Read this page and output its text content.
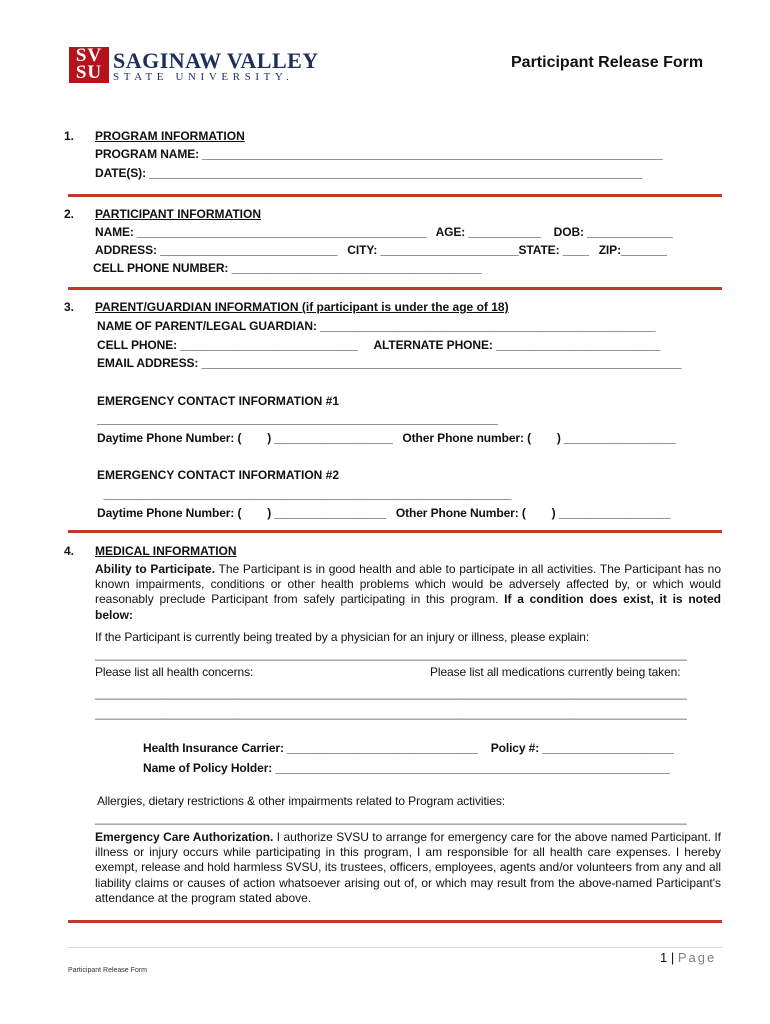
SV
SU SAGINAW VALLEY
STATE UNIVERSITY.
Participant Release Form
1. PROGRAM INFORMATION
PROGRAM NAME: ______________________________________________________________________
DATE(S): ___________________________________________________________________________
2. PARTICIPANT INFORMATION
NAME: ____________________________________________   AGE: ___________    DOB: _____________
ADDRESS: ___________________________   CITY: _____________________STATE: ____   ZIP:_______
CELL PHONE NUMBER: ______________________________________
3. PARENT/GUARDIAN INFORMATION (if participant is under the age of 18)
NAME OF PARENT/LEGAL GUARDIAN: ___________________________________________________
CELL PHONE: ___________________________     ALTERNATE PHONE: _________________________
EMAIL ADDRESS: _________________________________________________________________________
EMERGENCY CONTACT INFORMATION #1
_____________________________________________________________
Daytime Phone Number: (        ) __________________   Other Phone number: (        ) _________________
EMERGENCY CONTACT INFORMATION #2
______________________________________________________________
Daytime Phone Number: (        ) _________________   Other Phone Number: (        ) _________________
4. MEDICAL INFORMATION
Ability to Participate. The Participant is in good health and able to participate in all activities. The Participant has no known impairments, conditions or other health problems which would be adversely affected by, or which would reasonably preclude Participant from safely participating in this program. If a condition does exist, it is noted below:
If the Participant is currently being treated by a physician for an injury or illness, please explain:
__________________________________________________________________________________________
Please list all health concerns:	Please list all medications currently being taken:
__________________________________________________________________________________________
__________________________________________________________________________________________
Health Insurance Carrier: _____________________________    Policy #: ____________________
Name of Policy Holder: ____________________________________________________________
Allergies, dietary restrictions & other impairments related to Program activities:
__________________________________________________________________________________________
Emergency Care Authorization. I authorize SVSU to arrange for emergency care for the above named Participant. If illness or injury occurs while participating in this program, I am responsible for all health care expenses. I hereby exempt, release and hold harmless SVSU, its trustees, officers, employees, agents and/or volunteers from any and all liability claims or causes of action whatsoever arising out of, or which may result from the above-named Participant's attendance at the program stated above.
1 | Page
Participant Release Form
